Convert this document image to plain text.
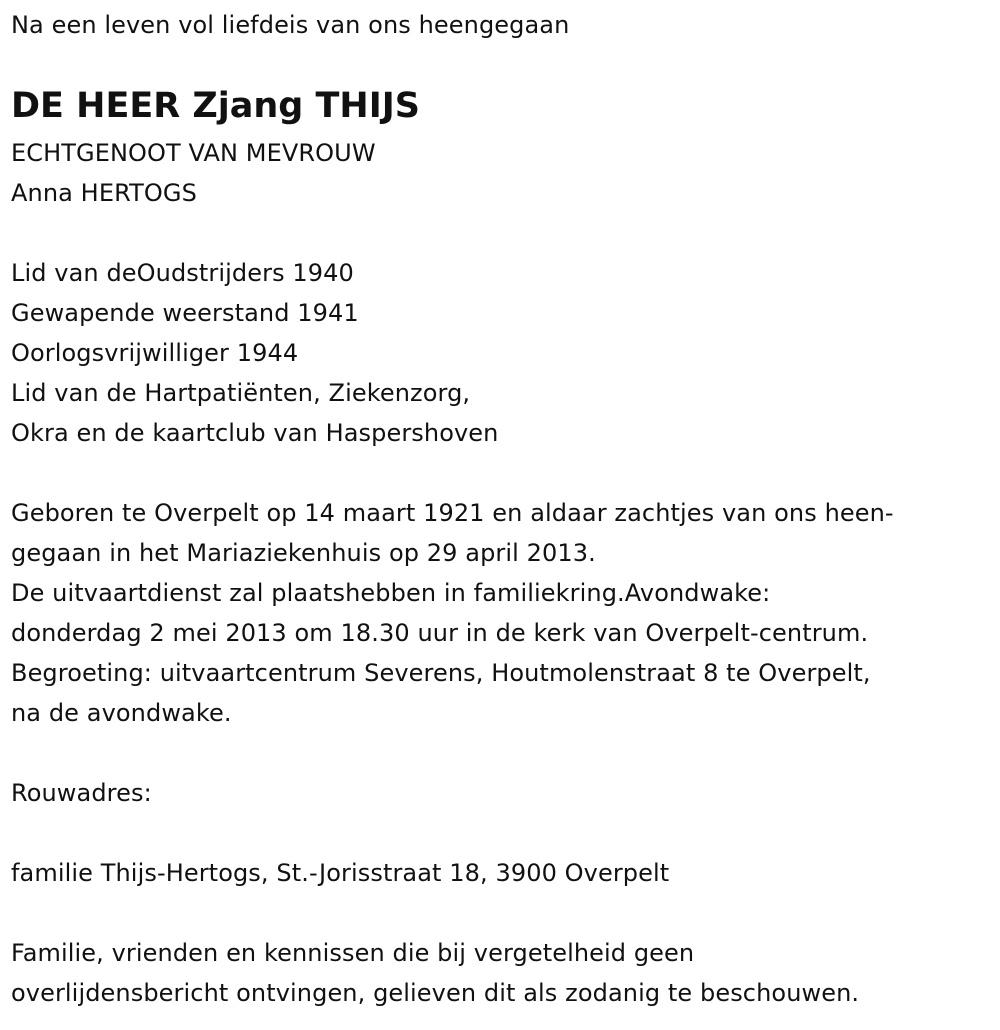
Na een leven vol liefdeis van ons heengegaan
DE HEER Zjang THIJS
ECHTGENOOT VAN MEVROUW
Anna HERTOGS
Lid van deOudstrijders 1940
Gewapende weerstand 1941
Oorlogsvrijwilliger 1944
Lid van de Hartpatiënten, Ziekenzorg,
Okra en de kaartclub van Haspershoven
Geboren te Overpelt op 14 maart 1921 en aldaar zachtjes van ons heen-
gegaan in het Mariaziekenhuis op 29 april 2013.
De uitvaartdienst zal plaatshebben in familiekring.Avondwake:
donderdag 2 mei 2013 om 18.30 uur in de kerk van Overpelt-centrum.
Begroeting: uitvaartcentrum Severens, Houtmolenstraat 8 te Overpelt,
na de avondwake.
Rouwadres:
familie Thijs-Hertogs, St.-Jorisstraat 18, 3900 Overpelt
Familie, vrienden en kennissen die bij vergetelheid geen
overlijdensbericht ontvingen, gelieven dit als zodanig te beschouwen.
